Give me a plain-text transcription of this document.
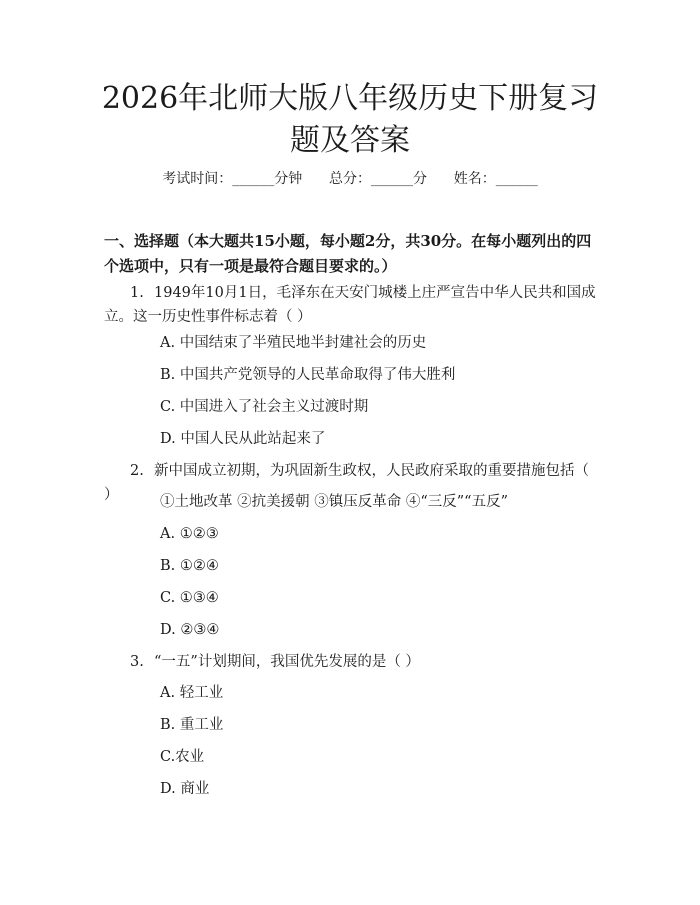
2026年北师大版八年级历史下册复习题及答案
考试时间：______分钟      总分：______分      姓名：______
一、选择题（本大题共15小题，每小题2分，共30分。在每小题列出的四个选项中，只有一项是最符合题目要求的。）
1. 1949年10月1日，毛泽东在天安门城楼上庄严宣告中华人民共和国成立。这一历史性事件标志着（ ）
A. 中国结束了半殖民地半封建社会的历史
B. 中国共产党领导的人民革命取得了伟大胜利
C. 中国进入了社会主义过渡时期
D. 中国人民从此站起来了
2. 新中国成立初期，为巩固新生政权，人民政府采取的重要措施包括（ ）	①土地改革 ②抗美援朝 ③镇压反革命 ④“三反”“五反”
A. ①②③
B. ①②④
C. ①③④
D. ②③④
3. “一五”计划期间，我国优先发展的是（ ）
A. 轻工业
B. 重工业
C.农业
D. 商业
